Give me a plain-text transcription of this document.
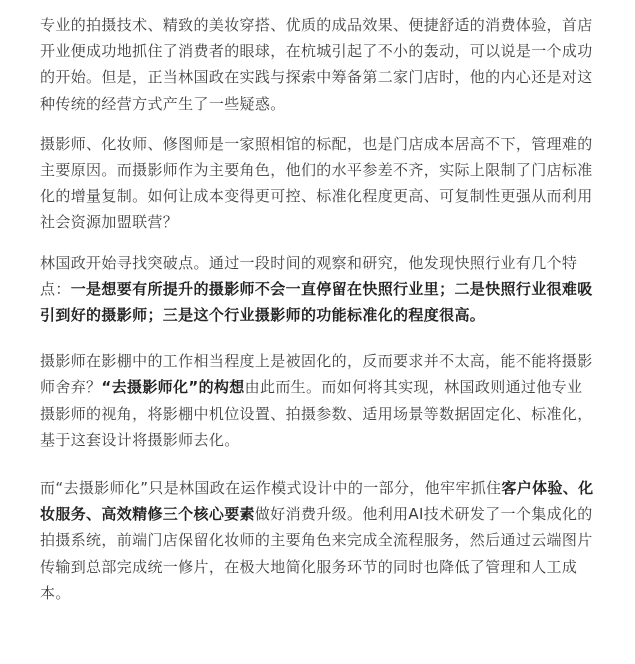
专业的拍摄技术、精致的美妆穿搭、优质的成品效果、便捷舒适的消费体验，首店开业便成功地抓住了消费者的眼球，在杭城引起了不小的轰动，可以说是一个成功的开始。但是，正当林国政在实践与探索中筹备第二家门店时，他的内心还是对这种传统的经营方式产生了一些疑惑。

摄影师、化妆师、修图师是一家照相馆的标配，也是门店成本居高不下，管理难的主要原因。而摄影师作为主要角色，他们的水平参差不齐，实际上限制了门店标准化的增量复制。如何让成本变得更可控、标准化程度更高、可复制性更强从而利用社会资源加盟联营？

林国政开始寻找突破点。通过一段时间的观察和研究，他发现快照行业有几个特点：一是想要有所提升的摄影师不会一直停留在快照行业里；二是快照行业很难吸引到好的摄影师；三是这个行业摄影师的功能标准化的程度很高。

摄影师在影棚中的工作相当程度上是被固化的，反而要求并不太高，能不能将摄影师舍弃？“去摄影师化”的构想由此而生。而如何将其实现，林国政则通过他专业摄影师的视角，将影棚中机位设置、拍摄参数、适用场景等数据固定化、标准化，基于这套设计将摄影师去化。

而“去摄影师化”只是林国政在运作模式设计中的一部分，他牢牢抓住客户体验、化妆服务、高效精修三个核心要素做好消费升级。他利用AI技术研发了一个集成化的拍摄系统，前端门店保留化妆师的主要角色来完成全流程服务，然后通过云端图片传输到总部完成统一修片，在极大地简化服务环节的同时也降低了管理和人工成本。
